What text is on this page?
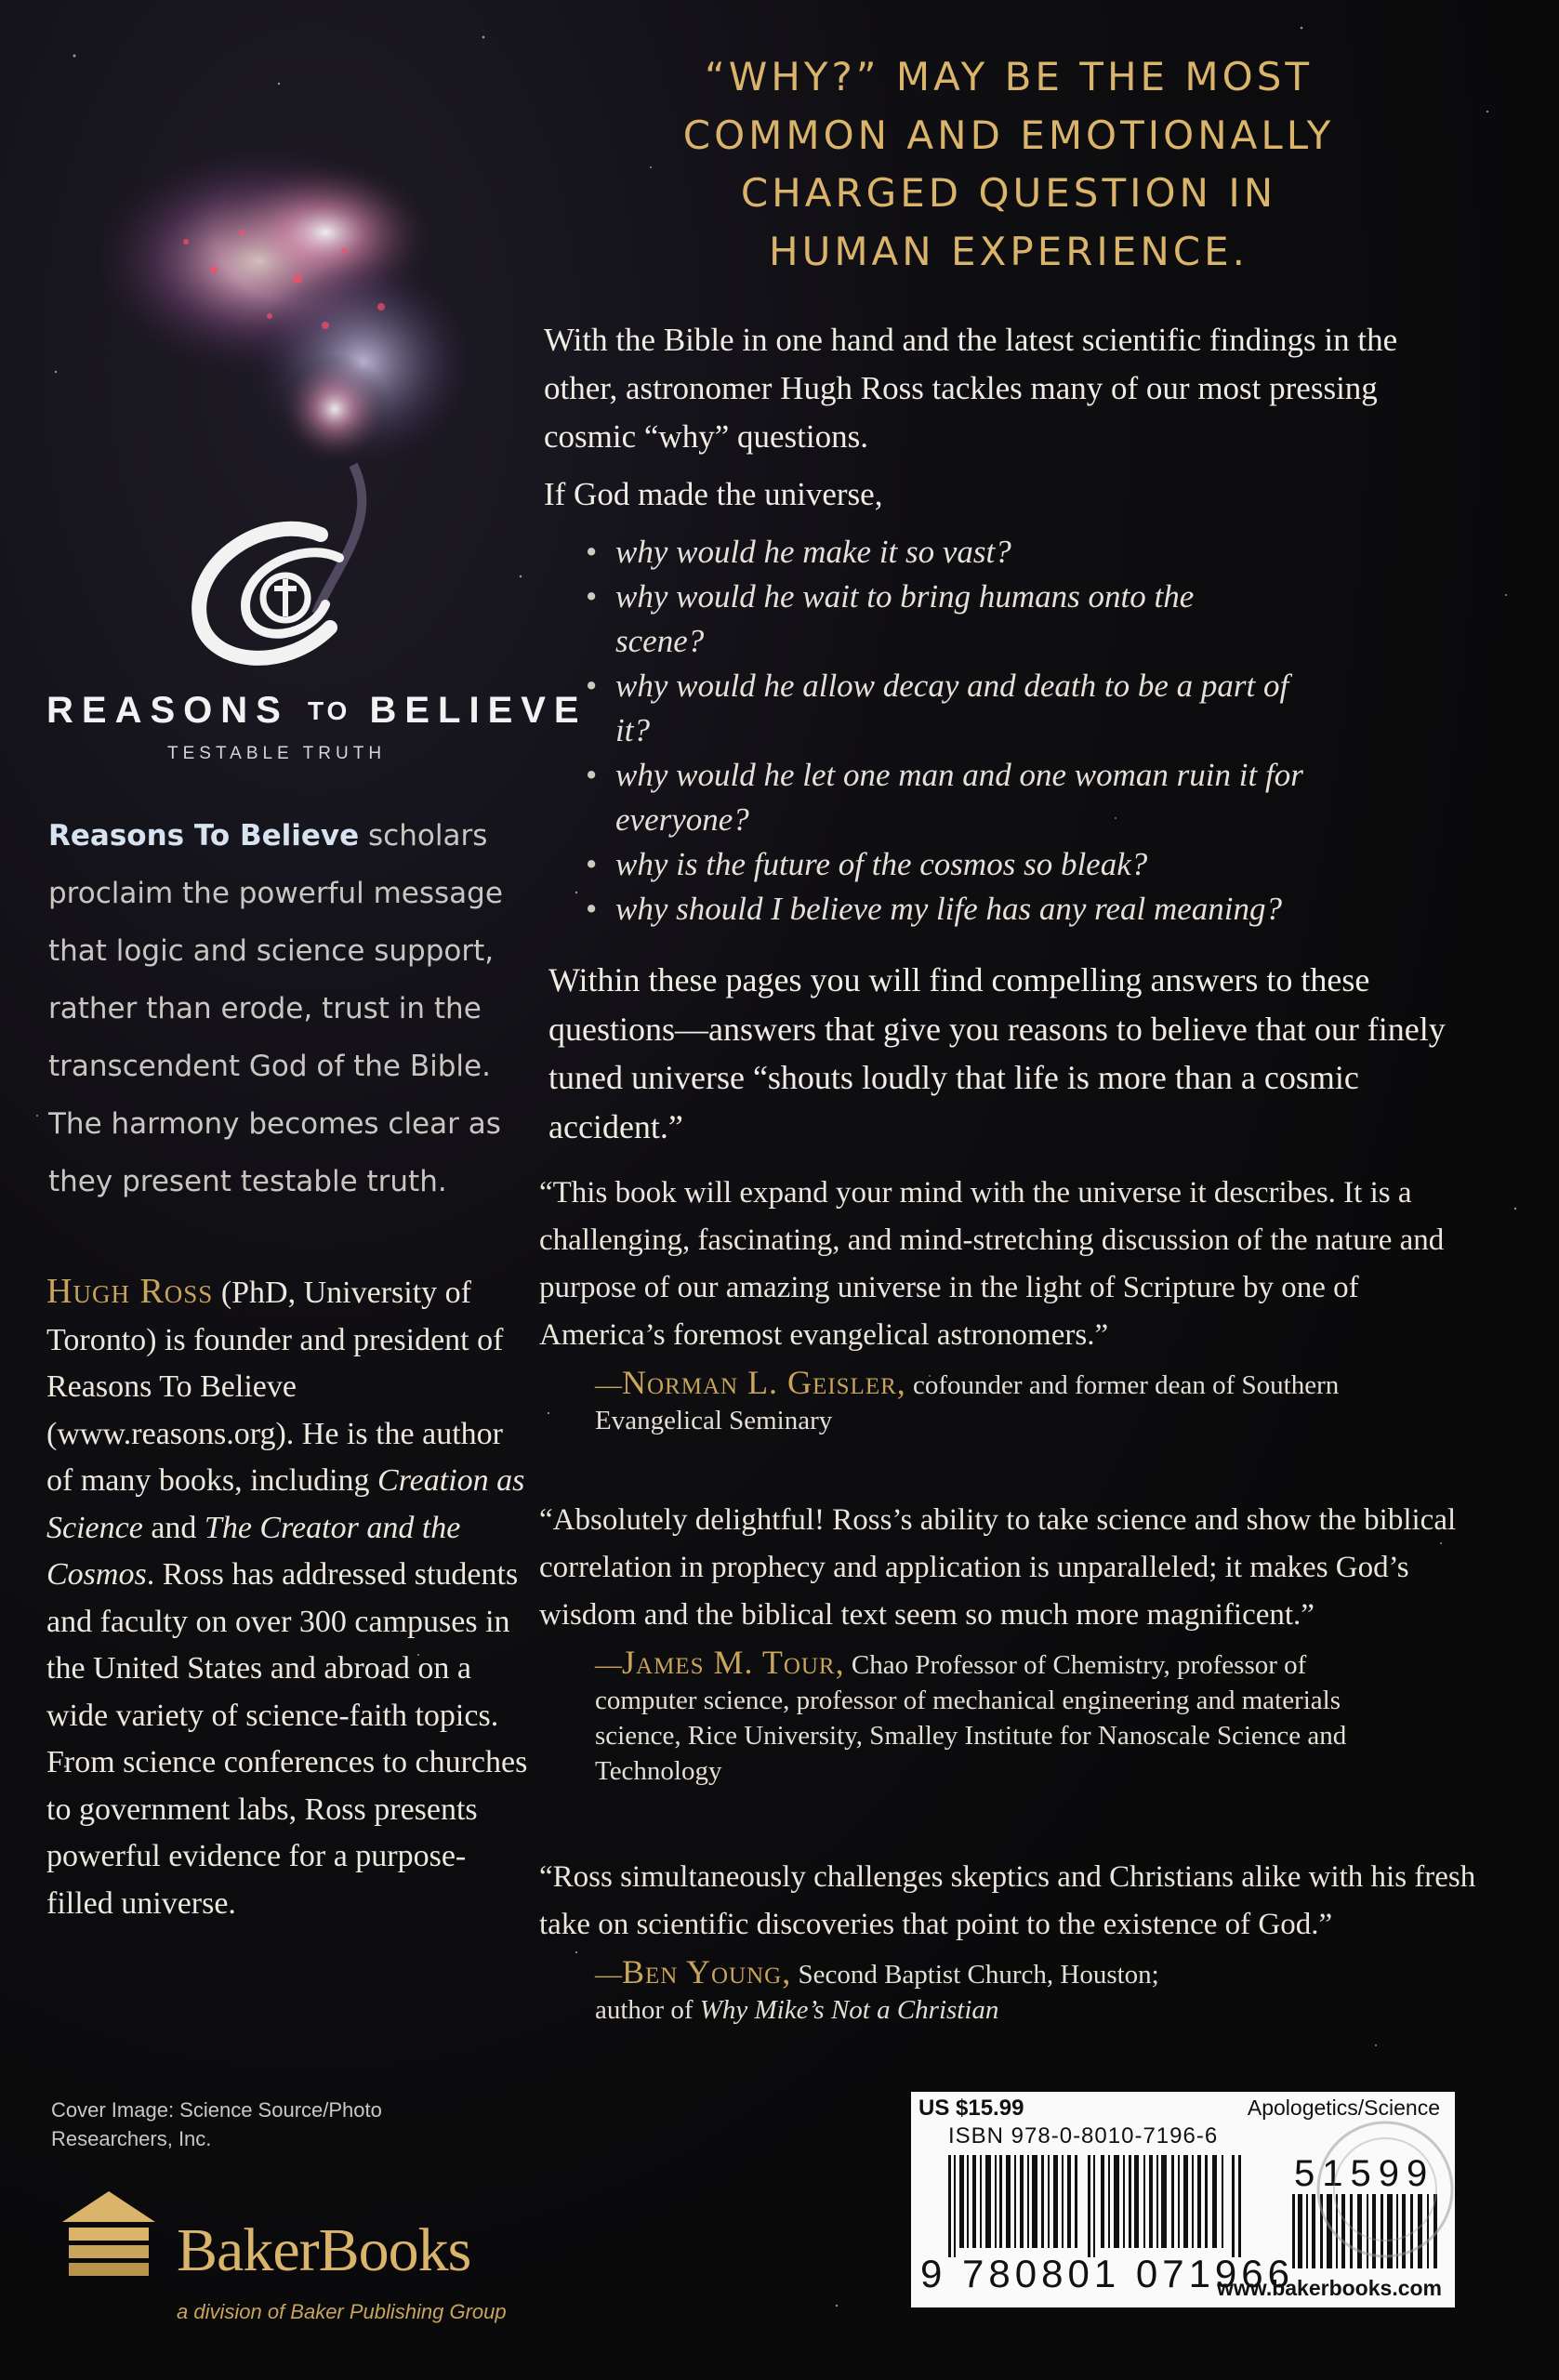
REASONS TO BELIEVE
TESTABLE TRUTH

Reasons To Believe scholars proclaim the powerful message that logic and science support, rather than erode, trust in the transcendent God of the Bible. The harmony becomes clear as they present testable truth.

Hugh Ross (PhD, University of Toronto) is founder and president of Reasons To Believe (www.reasons.org). He is the author of many books, including Creation as Science and The Creator and the Cosmos. Ross has addressed students and faculty on over 300 campuses in the United States and abroad on a wide variety of science-faith topics. From science conferences to churches to government labs, Ross presents powerful evidence for a purpose-filled universe.

Cover Image: Science Source/Photo
Researchers, Inc.

BakerBooks
a division of Baker Publishing Group

“WHY?” MAY BE THE MOST
COMMON AND EMOTIONALLY
CHARGED QUESTION IN
HUMAN EXPERIENCE.

With the Bible in one hand and the latest scientific findings in the other, astronomer Hugh Ross tackles many of our most pressing cosmic “why” questions.

If God made the universe,

• why would he make it so vast?
• why would he wait to bring humans onto the scene?
• why would he allow decay and death to be a part of it?
• why would he let one man and one woman ruin it for everyone?
• why is the future of the cosmos so bleak?
• why should I believe my life has any real meaning?

Within these pages you will find compelling answers to these questions—answers that give you reasons to believe that our finely tuned universe “shouts loudly that life is more than a cosmic accident.”

“This book will expand your mind with the universe it describes. It is a challenging, fascinating, and mind-stretching discussion of the nature and purpose of our amazing universe in the light of Scripture by one of America’s foremost evangelical astronomers.”

—Norman L. Geisler, cofounder and former dean of Southern Evangelical Seminary

“Absolutely delightful! Ross’s ability to take science and show the biblical correlation in prophecy and application is unparalleled; it makes God’s wisdom and the biblical text seem so much more magnificent.”

—James M. Tour, Chao Professor of Chemistry, professor of computer science, professor of mechanical engineering and materials science, Rice University, Smalley Institute for Nanoscale Science and Technology

“Ross simultaneously challenges skeptics and Christians alike with his fresh take on scientific discoveries that point to the existence of God.”

—Ben Young, Second Baptist Church, Houston;
author of Why Mike’s Not a Christian

US $15.99	Apologetics/Science
ISBN 978-0-8010-7196-6
51599
9 780801 071966
www.bakerbooks.com
